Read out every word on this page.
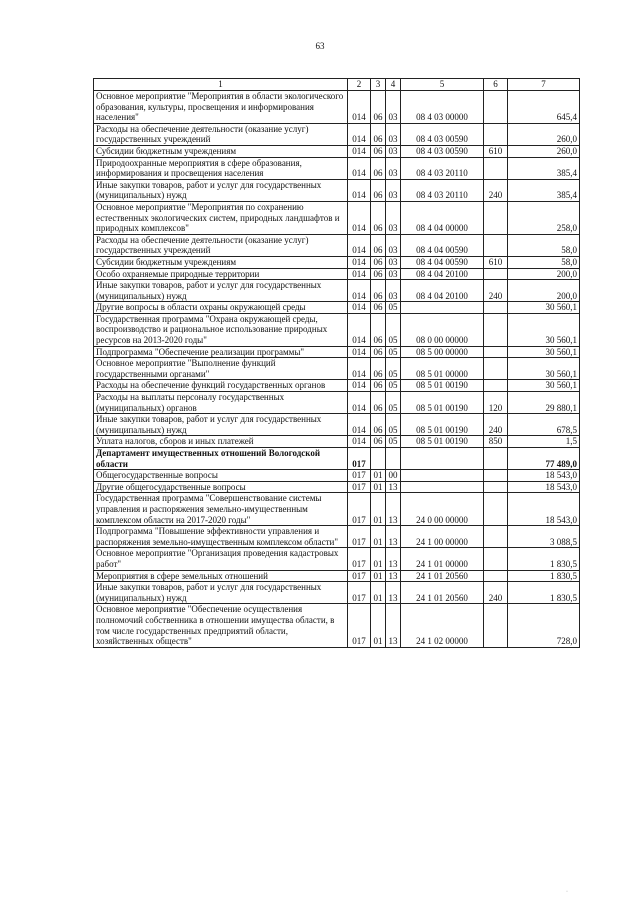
63
1	2	3	4	5	6	7
Основное мероприятие "Мероприятия в области экологического образования, культуры, просвещения и информирования населения"	014	06	03	08 4 03 00000		645,4
Расходы на обеспечение деятельности (оказание услуг) государственных учреждений	014	06	03	08 4 03 00590		260,0
Субсидии бюджетным учреждениям	014	06	03	08 4 03 00590	610	260,0
Природоохранные мероприятия в сфере образования, информирования и просвещения населения	014	06	03	08 4 03 20110		385,4
Иные закупки товаров, работ и услуг для государственных (муниципальных) нужд	014	06	03	08 4 03 20110	240	385,4
Основное мероприятие "Мероприятия по сохранению естественных экологических систем, природных ландшафтов и природных комплексов"	014	06	03	08 4 04 00000		258,0
Расходы на обеспечение деятельности (оказание услуг) государственных учреждений	014	06	03	08 4 04 00590		58,0
Субсидии бюджетным учреждениям	014	06	03	08 4 04 00590	610	58,0
Особо охраняемые природные территории	014	06	03	08 4 04 20100		200,0
Иные закупки товаров, работ и услуг для государственных (муниципальных) нужд	014	06	03	08 4 04 20100	240	200,0
Другие вопросы в области охраны окружающей среды	014	06	05			30 560,1
Государственная программа "Охрана окружающей среды, воспроизводство и рациональное использование природных ресурсов на 2013-2020 годы"	014	06	05	08 0 00 00000		30 560,1
Подпрограмма "Обеспечение реализации программы"	014	06	05	08 5 00 00000		30 560,1
Основное мероприятие "Выполнение функций государственными органами"	014	06	05	08 5 01 00000		30 560,1
Расходы на обеспечение функций государственных органов	014	06	05	08 5 01 00190		30 560,1
Расходы на выплаты персоналу государственных (муниципальных) органов	014	06	05	08 5 01 00190	120	29 880,1
Иные закупки товаров, работ и услуг для государственных (муниципальных) нужд	014	06	05	08 5 01 00190	240	678,5
Уплата налогов, сборов и иных платежей	014	06	05	08 5 01 00190	850	1,5
Департамент имущественных отношений Вологодской области	017					77 489,0
Общегосударственные вопросы	017	01	00			18 543,0
Другие общегосударственные вопросы	017	01	13			18 543,0
Государственная программа "Совершенствование системы управления и распоряжения земельно-имущественным комплексом области на 2017-2020 годы"	017	01	13	24 0 00 00000		18 543,0
Подпрограмма "Повышение эффективности управления и распоряжения земельно-имущественным комплексом области"	017	01	13	24 1 00 00000		3 088,5
Основное мероприятие "Организация проведения кадастровых работ"	017	01	13	24 1 01 00000		1 830,5
Мероприятия в сфере земельных отношений	017	01	13	24 1 01 20560		1 830,5
Иные закупки товаров, работ и услуг для государственных (муниципальных) нужд	017	01	13	24 1 01 20560	240	1 830,5
Основное мероприятие "Обеспечение осуществления полномочий собственника в отношении имущества области, в том числе государственных предприятий области, хозяйственных обществ"	017	01	13	24 1 02 00000		728,0
·
